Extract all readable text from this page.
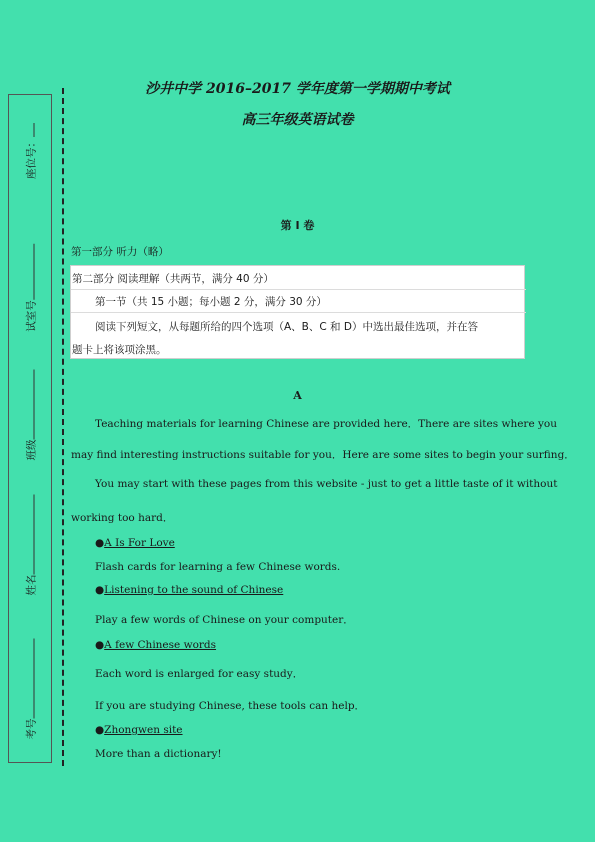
座位号：
试室号
班级
姓名
考号
沙井中学 2016–2017 学年度第一学期期中考试
高三年级英语试卷
第 I 卷
第一部分 听力（略）
第二部分 阅读理解（共两节，满分 40 分）
第一节（共 15 小题；每小题 2 分，满分 30 分）
阅读下列短文，从每题所给的四个选项（A、B、C 和 D）中选出最佳选项，并在答
题卡上将该项涂黑。
A
Teaching materials for learning Chinese are provided here．There are sites where you
may find interesting instructions suitable for you．Here are some sites to begin your surfing．
You may start with these pages from this website - just to get a little taste of it without
working too hard．
●A Is For Love
Flash cards for learning a few Chinese words.
●Listening to the sound of Chinese
Play a few words of Chinese on your computer．
●A few Chinese words
Each word is enlarged for easy study．
If you are studying Chinese, these tools can help．
●Zhongwen site
More than a dictionary!
